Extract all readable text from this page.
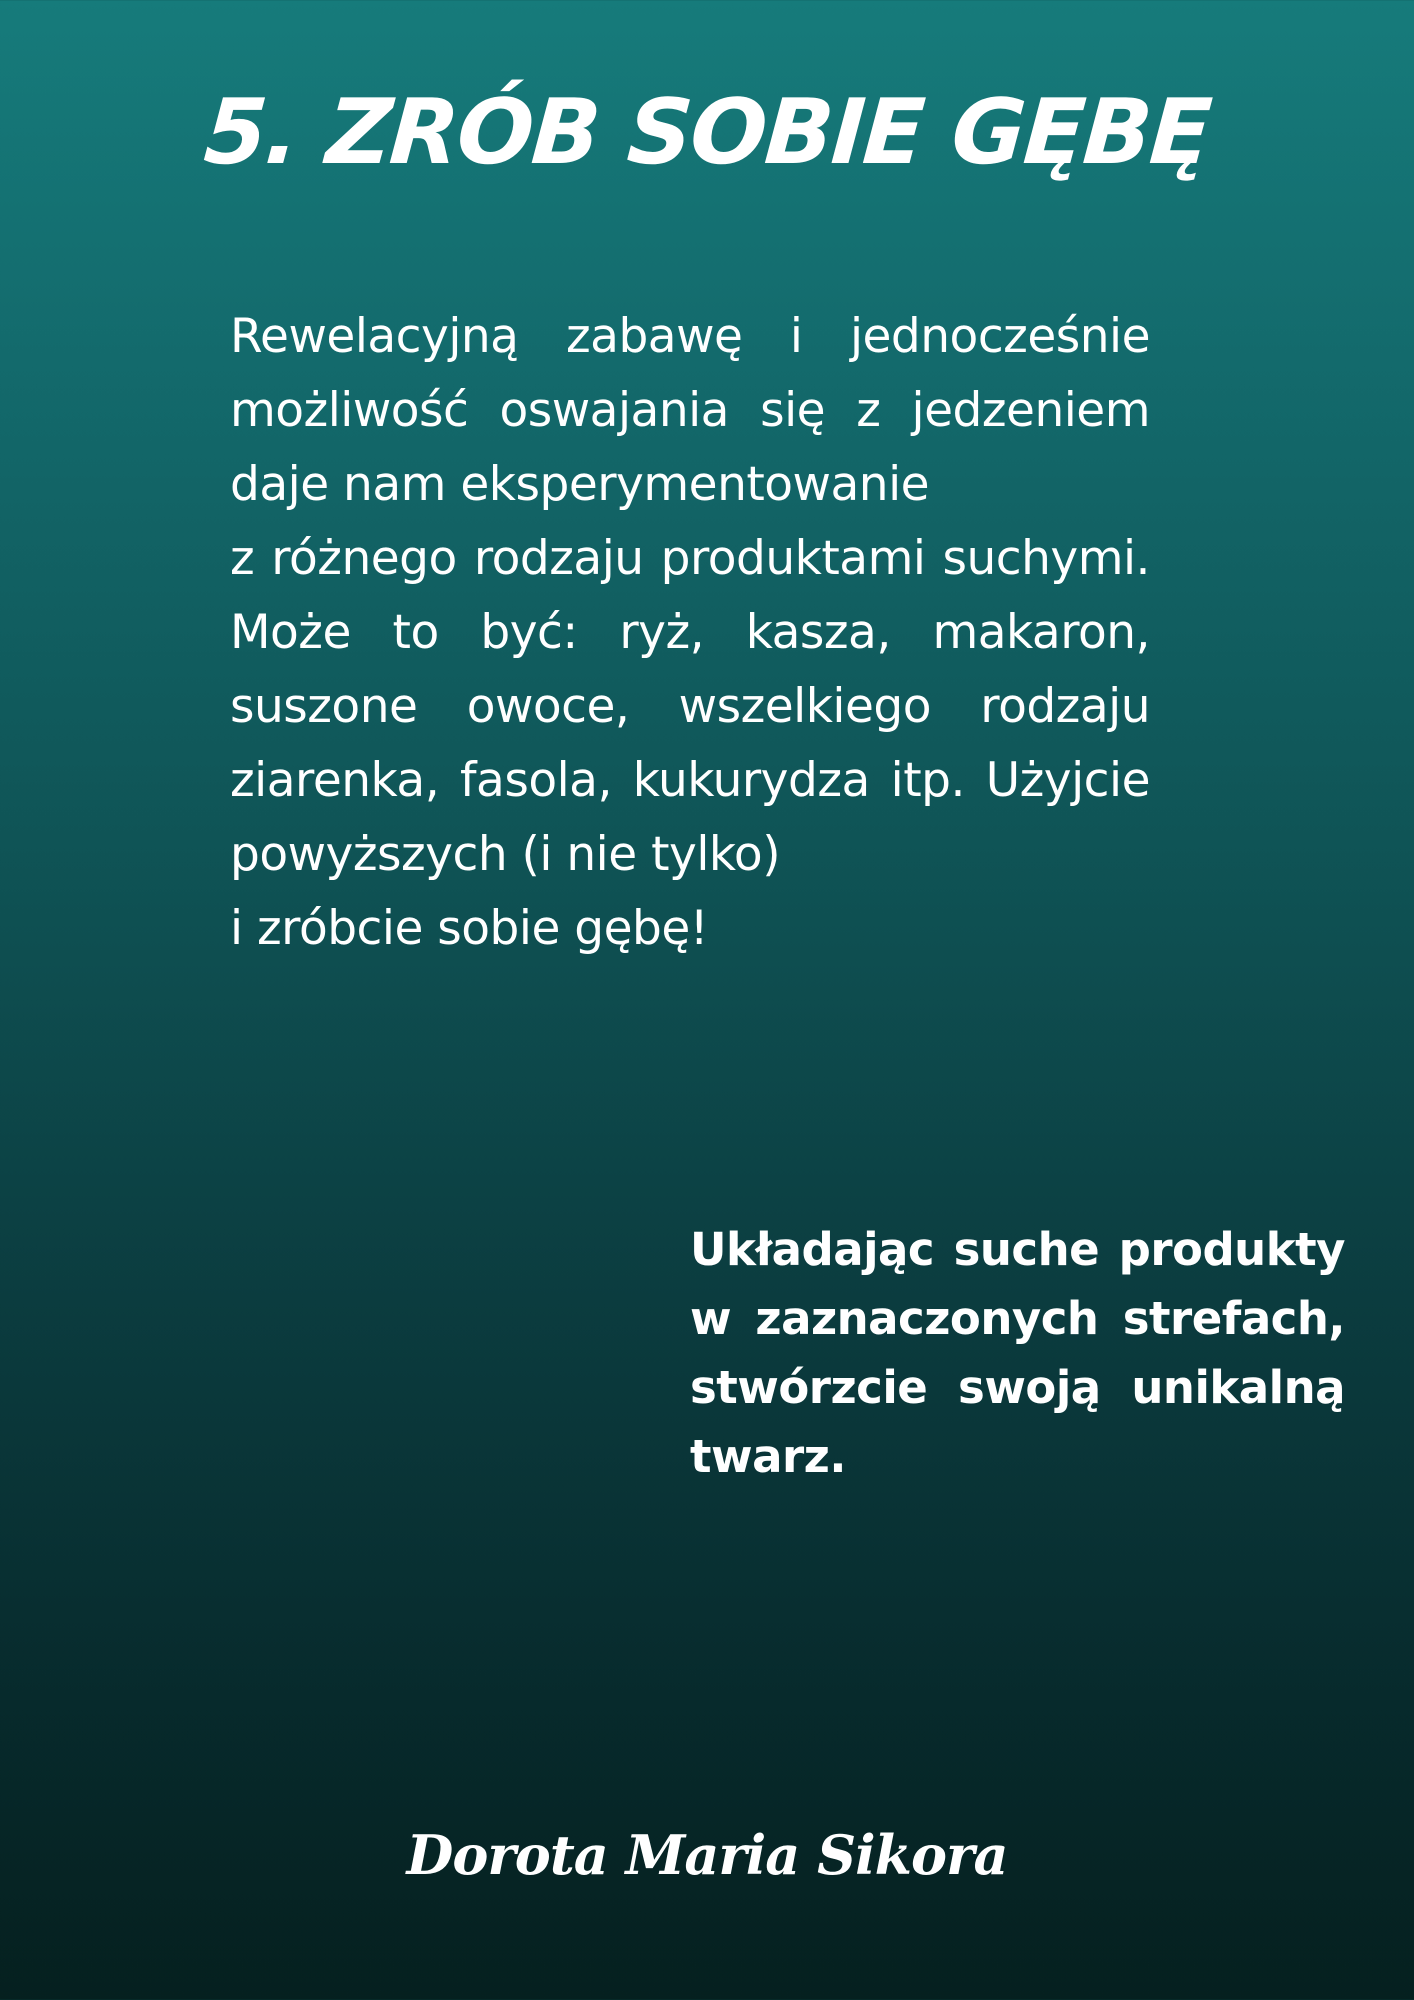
5. ZRÓB SOBIE GĘBĘ

Rewelacyjną zabawę i jednocześnie możliwość oswajania się z jedzeniem daje nam eksperymentowanie
z różnego rodzaju produktami suchymi. Może to być: ryż, kasza, makaron, suszone owoce, wszelkiego rodzaju ziarenka, fasola, kukurydza itp. Użyjcie powyższych (i nie tylko)
i zróbcie sobie gębę!

Układając suche produkty w zaznaczonych strefach, stwórzcie swoją unikalną twarz.

Dorota Maria Sikora
